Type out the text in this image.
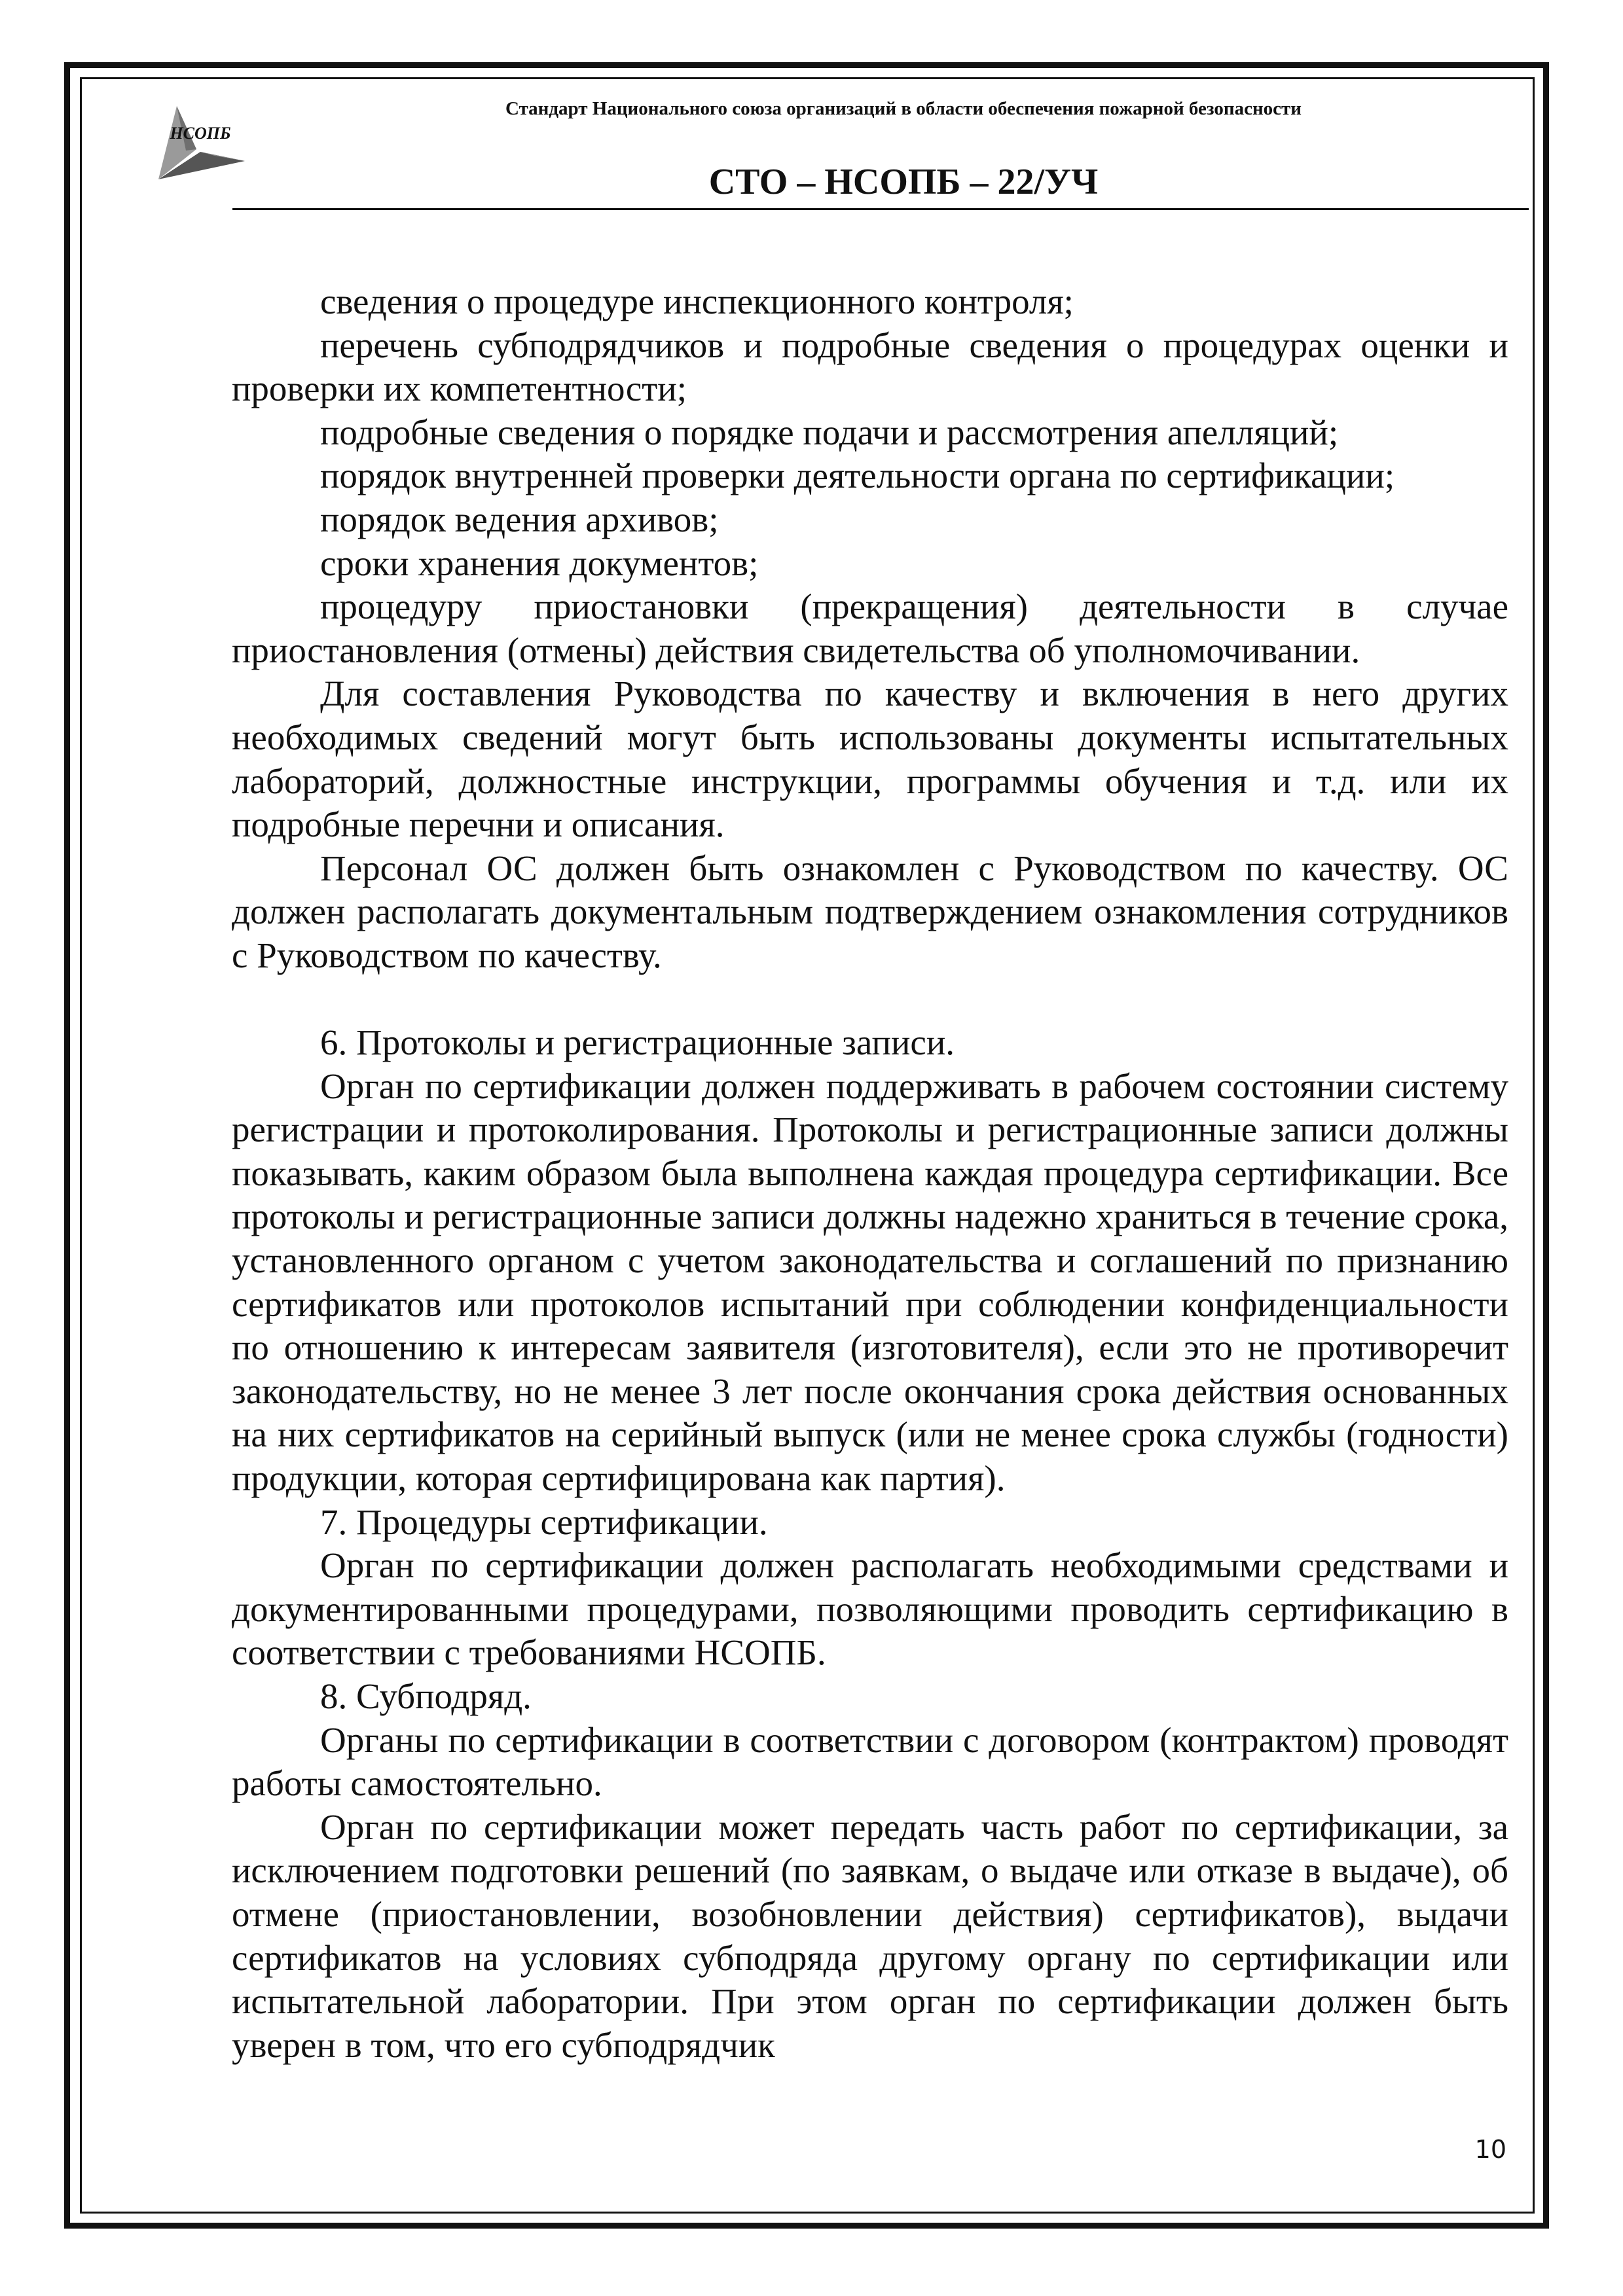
НСОПБ
Стандарт Национального союза организаций в области обеспечения пожарной безопасности
СТО – НСОПБ – 22/УЧ

сведения о процедуре инспекционного контроля;

перечень субподрядчиков и подробные сведения о процедурах оценки и проверки их компетентности;

подробные сведения о порядке подачи и рассмотрения апелляций;

порядок внутренней проверки деятельности органа по сертификации;

порядок ведения архивов;

сроки хранения документов;

процедуру приостановки (прекращения) деятельности в случае приостановления (отмены) действия свидетельства об уполномочивании.

Для составления Руководства по качеству и включения в него других необходимых сведений могут быть использованы документы испытательных лабораторий, должностные инструкции, программы обучения и т.д. или их подробные перечни и описания.

Персонал ОС должен быть ознакомлен с Руководством по качеству. ОС должен располагать документальным подтверждением ознакомления сотрудников с Руководством по качеству.

6. Протоколы и регистрационные записи.

Орган по сертификации должен поддерживать в рабочем состоянии систему регистрации и протоколирования. Протоколы и регистрационные записи должны показывать, каким образом была выполнена каждая процедура сертификации. Все протоколы и регистрационные записи должны надежно храниться в течение срока, установленного органом с учетом законодательства и соглашений по признанию сертификатов или протоколов испытаний при соблюдении конфиденциальности по отношению к интересам заявителя (изготовителя), если это не противоречит законодательству, но не менее 3 лет после окончания срока действия основанных на них сертификатов на серийный выпуск (или не менее срока службы (годности) продукции, которая сертифицирована как партия).

7. Процедуры сертификации.

Орган по сертификации должен располагать необходимыми средствами и документированными процедурами, позволяющими проводить сертификацию в соответствии с требованиями НСОПБ.

8. Субподряд.

Органы по сертификации в соответствии с договором (контрактом) проводят работы самостоятельно.

Орган по сертификации может передать часть работ по сертификации, за исключением подготовки решений (по заявкам, о выдаче или отказе в выдаче), об отмене (приостановлении, возобновлении действия) сертификатов), выдачи сертификатов на условиях субподряда другому органу по сертификации или испытательной лаборатории. При этом орган по сертификации должен быть уверен в том, что его субподрядчик

10
